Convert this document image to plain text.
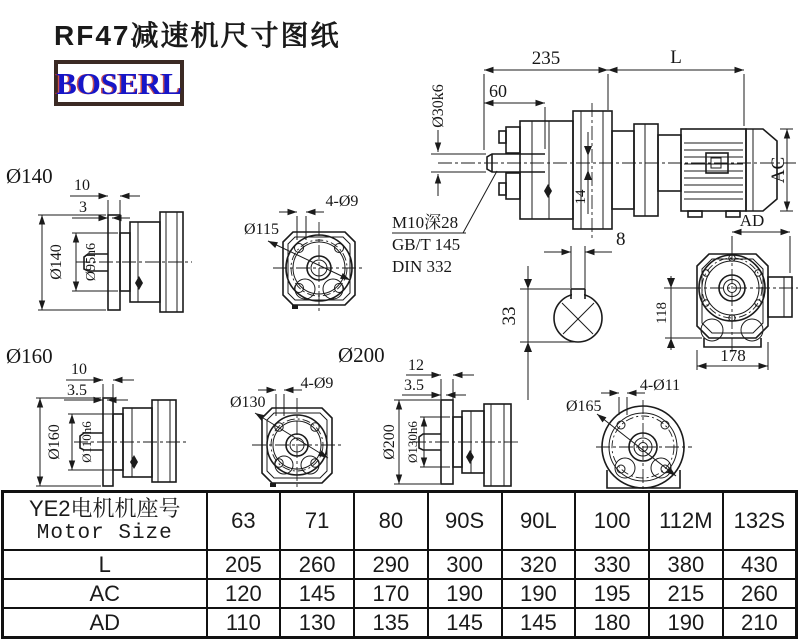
RF47减速机尺寸图纸
BOSERL
235	L
60
Ø30k6
M10深28
GB/T 145
DIN 332
14
AC
Ø140 10
3
Ø140 Ø95h6
4-Ø9
Ø115	8
33
AD
118
178
Ø160
10
3.5
Ø160 Ø110h6
4-Ø9
Ø130
Ø200 12
3.5
Ø200 Ø130h6
4-Ø11
Ø165
YE2电机机座号
Motor Size	63	71	80	90S	90L	100	112M	132S
L	205	260	290	300	320	330	380	430
AC	120	145	170	190	190	195	215	260
AD	110	130	135	145	145	180	190	210
